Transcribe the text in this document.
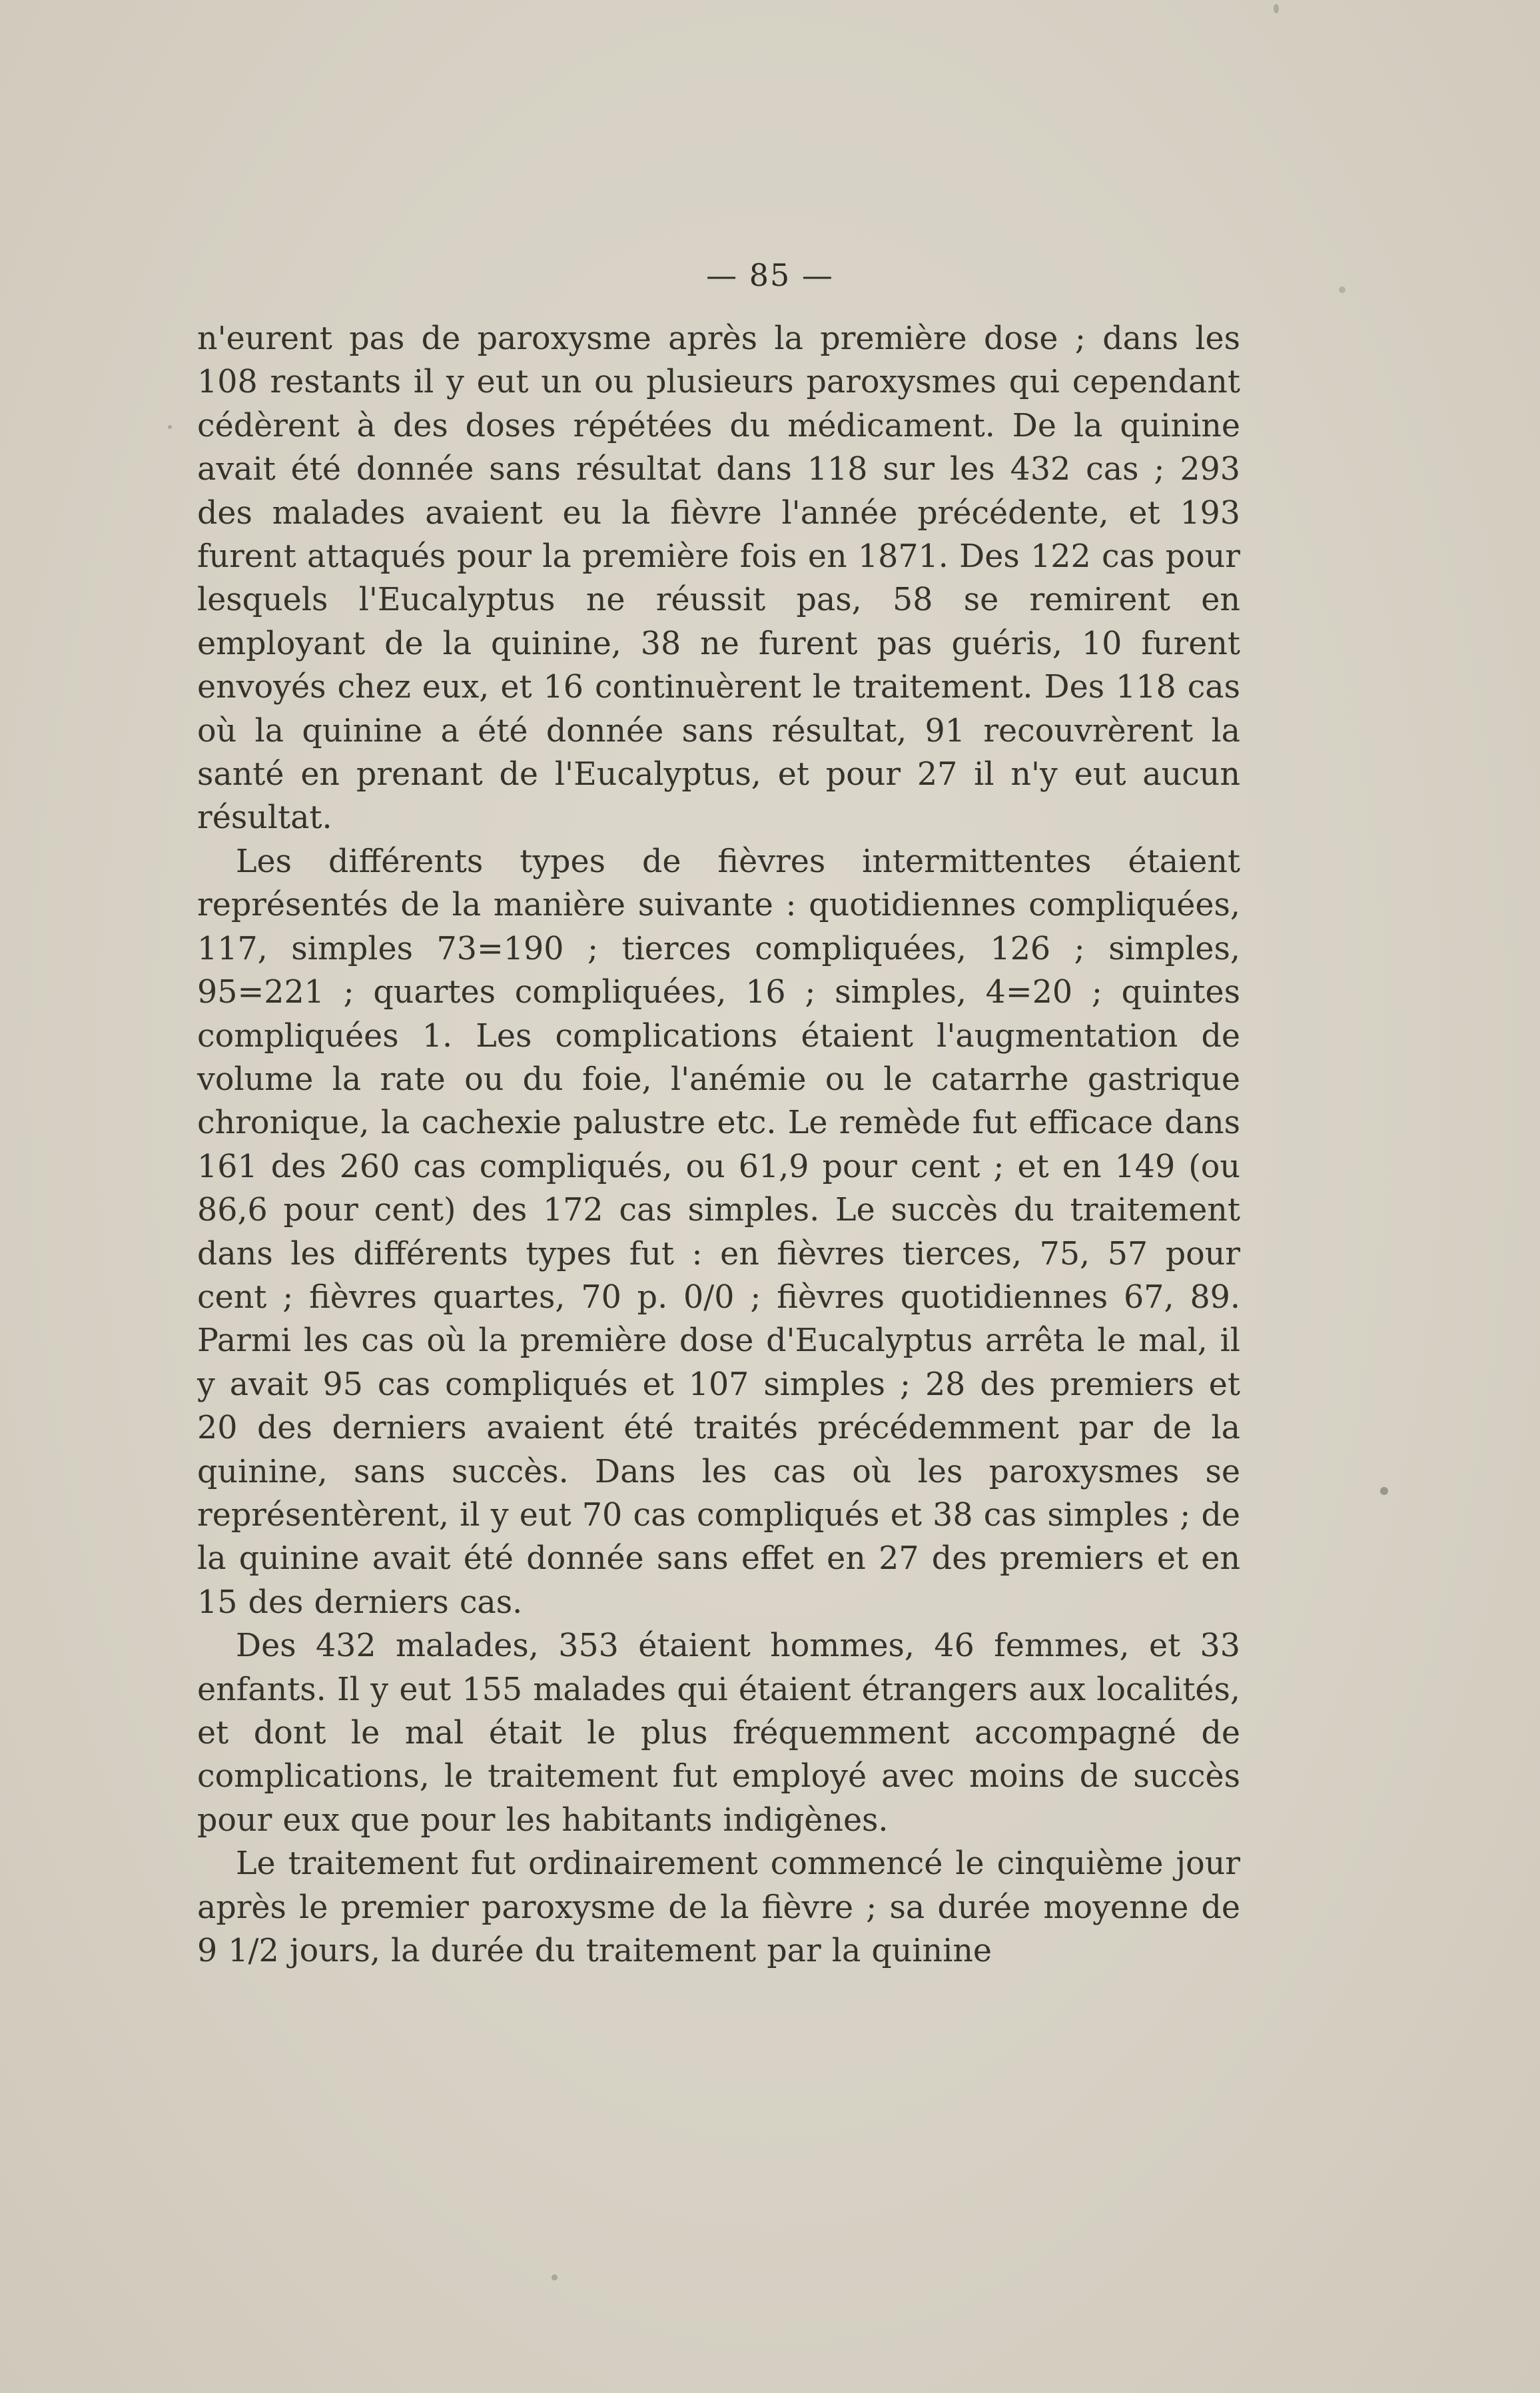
— 85 —

n'eurent pas de paroxysme après la première dose ; dans les 108 restants il y eut un ou plusieurs paroxysmes qui cependant cédèrent à des doses répétées du médicament. De la quinine avait été donnée sans résultat dans 118 sur les 432 cas ; 293 des malades avaient eu la fièvre l'année précédente, et 193 furent attaqués pour la première fois en 1871. Des 122 cas pour lesquels l'Eucalyptus ne réussit pas, 58 se remirent en employant de la quinine, 38 ne furent pas guéris, 10 furent envoyés chez eux, et 16 continuèrent le traitement. Des 118 cas où la quinine a été donnée sans résultat, 91 recouvrèrent la santé en prenant de l'Eucalyptus, et pour 27 il n'y eut aucun résultat.

Les différents types de fièvres intermittentes étaient représentés de la manière suivante : quotidiennes compliquées, 117, simples 73=190 ; tierces compliquées, 126 ; simples, 95=221 ; quartes compliquées, 16 ; simples, 4=20 ; quintes compliquées 1. Les complications étaient l'augmentation de volume la rate ou du foie, l'anémie ou le catarrhe gastrique chronique, la cachexie palustre etc. Le remède fut efficace dans 161 des 260 cas compliqués, ou 61,9 pour cent ; et en 149 (ou 86,6 pour cent) des 172 cas simples. Le succès du traitement dans les différents types fut : en fièvres tierces, 75, 57 pour cent ; fièvres quartes, 70 p. 0/0 ; fièvres quotidiennes 67, 89. Parmi les cas où la première dose d'Eucalyptus arrêta le mal, il y avait 95 cas compliqués et 107 simples ; 28 des premiers et 20 des derniers avaient été traités précédemment par de la quinine, sans succès. Dans les cas où les paroxysmes se représentèrent, il y eut 70 cas compliqués et 38 cas simples ; de la quinine avait été donnée sans effet en 27 des premiers et en 15 des derniers cas.

Des 432 malades, 353 étaient hommes, 46 femmes, et 33 enfants. Il y eut 155 malades qui étaient étrangers aux localités, et dont le mal était le plus fréquemment accompagné de complications, le traitement fut employé avec moins de succès pour eux que pour les habitants indigènes.

Le traitement fut ordinairement commencé le cinquième jour après le premier paroxysme de la fièvre ; sa durée moyenne de 9 1/2 jours, la durée du traitement par la quinine
